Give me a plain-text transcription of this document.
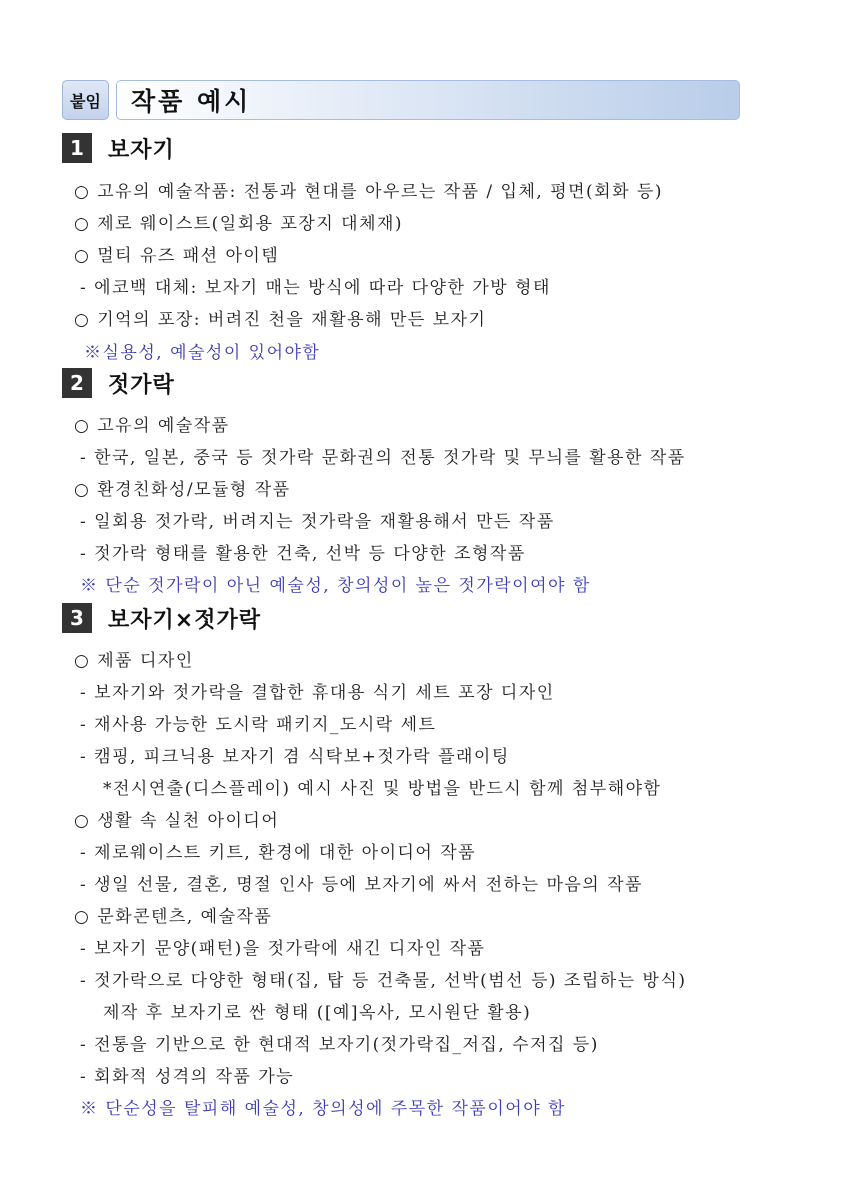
붙임	작품 예시
1	보자기
○ 고유의 예술작품: 전통과 현대를 아우르는 작품 / 입체, 평면(회화 등)
○ 제로 웨이스트(일회용 포장지 대체재)
○ 멀티 유즈 패션 아이템
- 에코백 대체: 보자기 매는 방식에 따라 다양한 가방 형태
○ 기억의 포장: 버려진 천을 재활용해 만든 보자기
※실용성, 예술성이 있어야함
2	젓가락
○ 고유의 예술작품
- 한국, 일본, 중국 등 젓가락 문화권의 전통 젓가락 및 무늬를 활용한 작품
○ 환경친화성/모듈형 작품
- 일회용 젓가락, 버려지는 젓가락을 재활용해서 만든 작품
- 젓가락 형태를 활용한 건축, 선박 등 다양한 조형작품
※ 단순 젓가락이 아닌 예술성, 창의성이 높은 젓가락이여야 함
3	보자기×젓가락
○ 제품 디자인
- 보자기와 젓가락을 결합한 휴대용 식기 세트 포장 디자인
- 재사용 가능한 도시락 패키지_도시락 세트
- 캠핑, 피크닉용 보자기 겸 식탁보+젓가락 플래이팅
*전시연출(디스플레이) 예시 사진 및 방법을 반드시 함께 첨부해야함
○ 생활 속 실천 아이디어
- 제로웨이스트 키트, 환경에 대한 아이디어 작품
- 생일 선물, 결혼, 명절 인사 등에 보자기에 싸서 전하는 마음의 작품
○ 문화콘텐츠, 예술작품
- 보자기 문양(패턴)을 젓가락에 새긴 디자인 작품
- 젓가락으로 다양한 형태(집, 탑 등 건축물, 선박(범선 등) 조립하는 방식)
제작 후 보자기로 싼 형태 ([예]옥사, 모시원단 활용)
- 전통을 기반으로 한 현대적 보자기(젓가락집_저집, 수저집 등)
- 회화적 성격의 작품 가능
※ 단순성을 탈피해 예술성, 창의성에 주목한 작품이어야 함
